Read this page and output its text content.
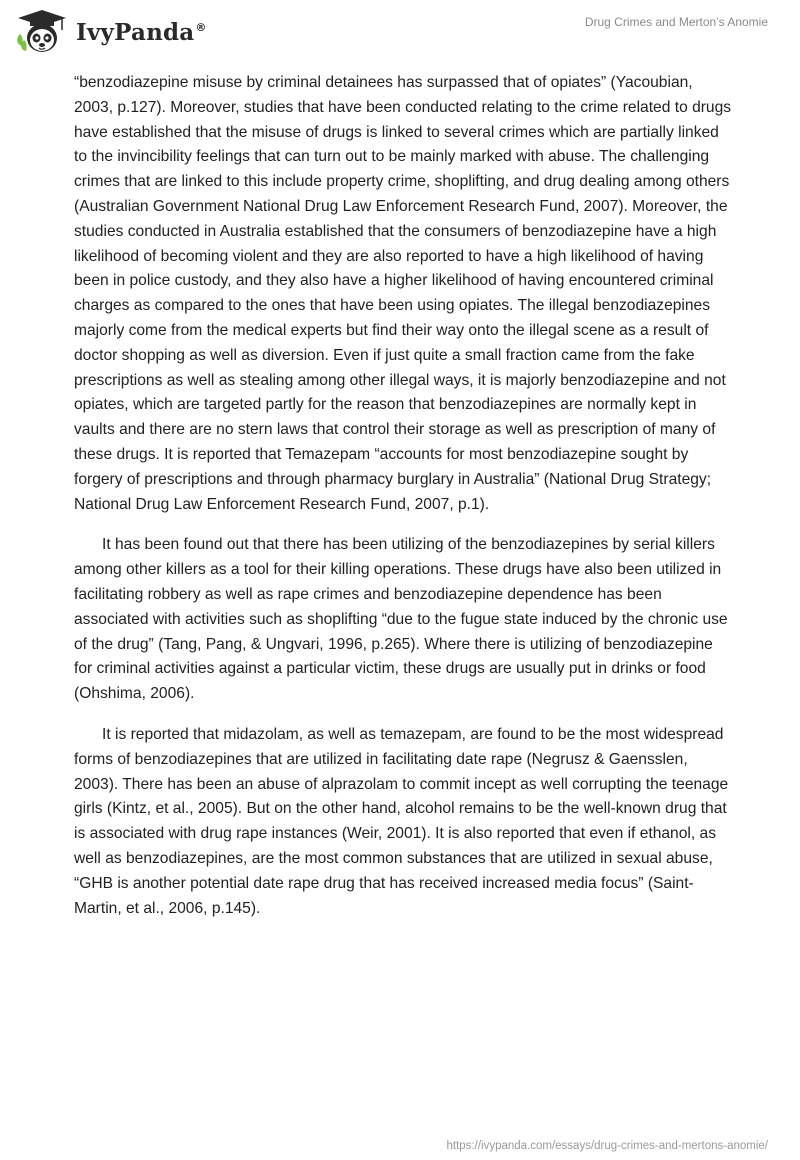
IvyPanda®	Drug Crimes and Merton’s Anomie

“benzodiazepine misuse by criminal detainees has surpassed that of opiates” (Yacoubian, 2003, p.127). Moreover, studies that have been conducted relating to the crime related to drugs have established that the misuse of drugs is linked to several crimes which are partially linked to the invincibility feelings that can turn out to be mainly marked with abuse. The challenging crimes that are linked to this include property crime, shoplifting, and drug dealing among others (Australian Government National Drug Law Enforcement Research Fund, 2007). Moreover, the studies conducted in Australia established that the consumers of benzodiazepine have a high likelihood of becoming violent and they are also reported to have a high likelihood of having been in police custody, and they also have a higher likelihood of having encountered criminal charges as compared to the ones that have been using opiates. The illegal benzodiazepines majorly come from the medical experts but find their way onto the illegal scene as a result of doctor shopping as well as diversion. Even if just quite a small fraction came from the fake prescriptions as well as stealing among other illegal ways, it is majorly benzodiazepine and not opiates, which are targeted partly for the reason that benzodiazepines are normally kept in vaults and there are no stern laws that control their storage as well as prescription of many of these drugs. It is reported that Temazepam “accounts for most benzodiazepine sought by forgery of prescriptions and through pharmacy burglary in Australia” (National Drug Strategy; National Drug Law Enforcement Research Fund, 2007, p.1).

It has been found out that there has been utilizing of the benzodiazepines by serial killers among other killers as a tool for their killing operations. These drugs have also been utilized in facilitating robbery as well as rape crimes and benzodiazepine dependence has been associated with activities such as shoplifting “due to the fugue state induced by the chronic use of the drug” (Tang, Pang, & Ungvari, 1996, p.265). Where there is utilizing of benzodiazepine for criminal activities against a particular victim, these drugs are usually put in drinks or food (Ohshima, 2006).

It is reported that midazolam, as well as temazepam, are found to be the most widespread forms of benzodiazepines that are utilized in facilitating date rape (Negrusz & Gaensslen, 2003). There has been an abuse of alprazolam to commit incept as well corrupting the teenage girls (Kintz, et al., 2005). But on the other hand, alcohol remains to be the well-known drug that is associated with drug rape instances (Weir, 2001). It is also reported that even if ethanol, as well as benzodiazepines, are the most common substances that are utilized in sexual abuse, “GHB is another potential date rape drug that has received increased media focus” (Saint-Martin, et al., 2006, p.145).

https://ivypanda.com/essays/drug-crimes-and-mertons-anomie/
